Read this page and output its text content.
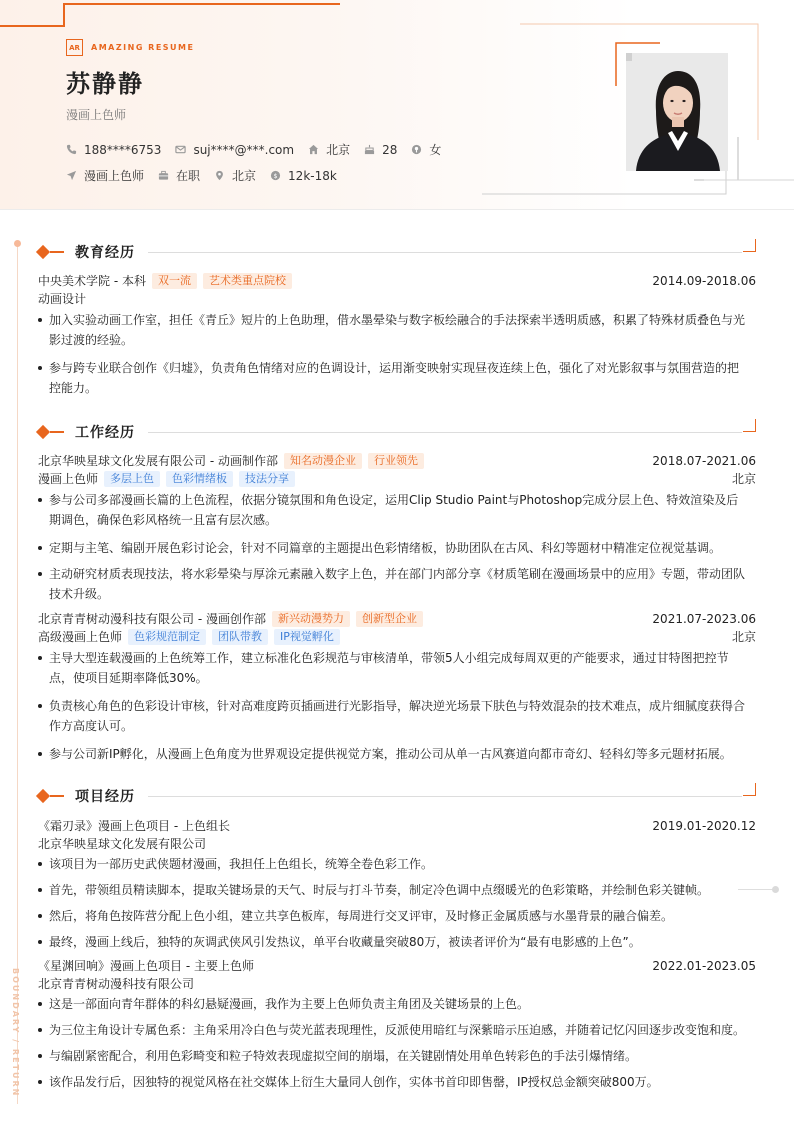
AR	AMAZING RESUME
苏静静
漫画上色师
188****6753	suj****@***.com	北京	28	女
漫画上色师	在职	北京 $ 12k-18k
BOUNDARY / RETURN
教育经历
中央美术学院 - 本科	双一流	艺术类重点院校	2014.09-2018.06
动画设计
加入实验动画工作室，担任《青丘》短片的上色助理，借水墨晕染与数字板绘融合的手法探索半透明质感，积累了特殊材质叠色与光影过渡的经验。
参与跨专业联合创作《归墟》，负责角色情绪对应的色调设计，运用渐变映射实现昼夜连续上色，强化了对光影叙事与氛围营造的把控能力。
工作经历
北京华映星球文化发展有限公司 - 动画制作部	知名动漫企业	行业领先	2018.07-2021.06
漫画上色师	多层上色	色彩情绪板	技法分享	北京
参与公司多部漫画长篇的上色流程，依据分镜氛围和角色设定，运用Clip Studio Paint与Photoshop完成分层上色、特效渲染及后期调色，确保色彩风格统一且富有层次感。
定期与主笔、编剧开展色彩讨论会，针对不同篇章的主题提出色彩情绪板，协助团队在古风、科幻等题材中精准定位视觉基调。
主动研究材质表现技法，将水彩晕染与厚涂元素融入数字上色，并在部门内部分享《材质笔刷在漫画场景中的应用》专题，带动团队技术升级。
北京青青树动漫科技有限公司 - 漫画创作部	新兴动漫势力	创新型企业	2021.07-2023.06
高级漫画上色师	色彩规范制定	团队带教	IP视觉孵化	北京
主导大型连载漫画的上色统筹工作，建立标准化色彩规范与审核清单，带领5人小组完成每周双更的产能要求，通过甘特图把控节点，使项目延期率降低30%。
负责核心角色的色彩设计审核，针对高难度跨页插画进行光影指导，解决逆光场景下肤色与特效混杂的技术难点，成片细腻度获得合作方高度认可。
参与公司新IP孵化，从漫画上色角度为世界观设定提供视觉方案，推动公司从单一古风赛道向都市奇幻、轻科幻等多元题材拓展。
项目经历
《霜刃录》漫画上色项目 - 上色组长	2019.01-2020.12
北京华映星球文化发展有限公司
该项目为一部历史武侠题材漫画，我担任上色组长，统筹全卷色彩工作。
首先，带领组员精读脚本，提取关键场景的天气、时辰与打斗节奏，制定冷色调中点缀暖光的色彩策略，并绘制色彩关键帧。
然后，将角色按阵营分配上色小组，建立共享色板库，每周进行交叉评审，及时修正金属质感与水墨背景的融合偏差。
最终，漫画上线后，独特的灰调武侠风引发热议，单平台收藏量突破80万，被读者评价为“最有电影感的上色”。
《星渊回响》漫画上色项目 - 主要上色师	2022.01-2023.05
北京青青树动漫科技有限公司
这是一部面向青年群体的科幻悬疑漫画，我作为主要上色师负责主角团及关键场景的上色。
为三位主角设计专属色系：主角采用冷白色与荧光蓝表现理性，反派使用暗红与深紫暗示压迫感，并随着记忆闪回逐步改变饱和度。
与编剧紧密配合，利用色彩畸变和粒子特效表现虚拟空间的崩塌，在关键剧情处用单色转彩色的手法引爆情绪。
该作品发行后，因独特的视觉风格在社交媒体上衍生大量同人创作，实体书首印即售罄，IP授权总金额突破800万。
